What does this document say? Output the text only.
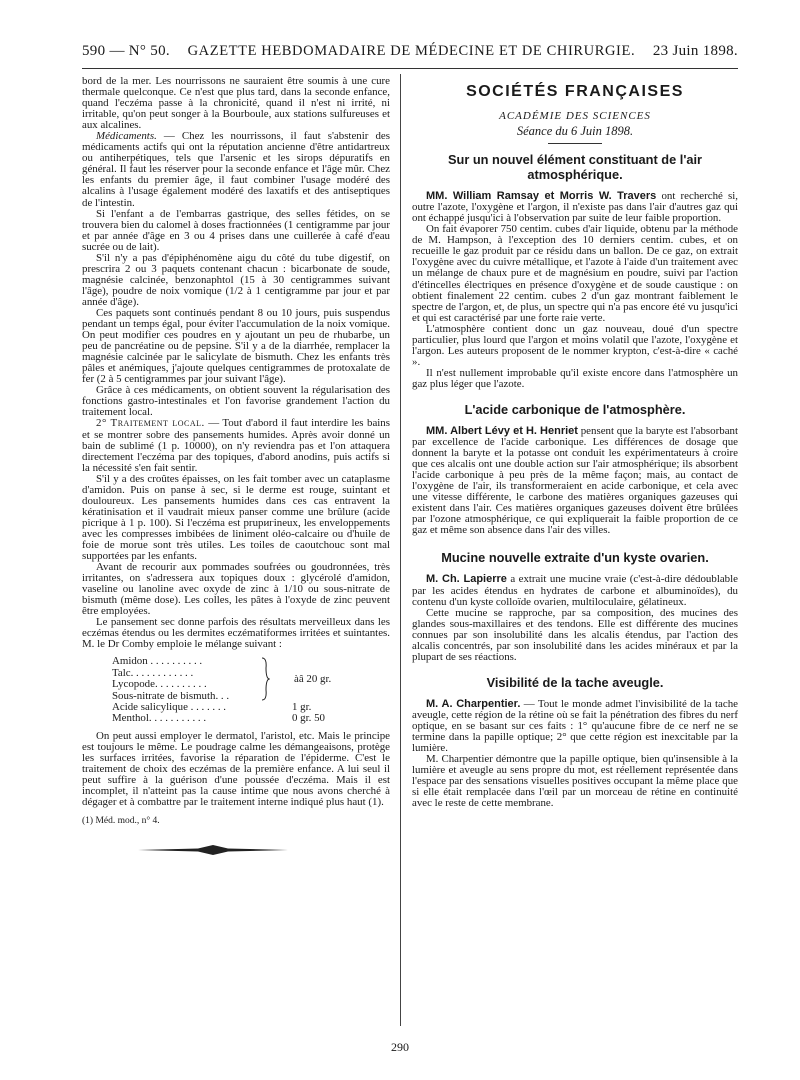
590 — N° 50. GAZETTE HEBDOMADAIRE DE MÉDECINE ET DE CHIRURGIE. 23 Juin 1898.

bord de la mer. Les nourrissons ne sauraient être soumis à une cure thermale quelconque. Ce n'est que plus tard, dans la seconde enfance, quand l'eczéma passe à la chronicité, quand il n'est ni irrité, ni irritable, qu'on peut songer à la Bourboule, aux stations sulfureuses et aux alcalines.

Médicaments. — Chez les nourrissons, il faut s'abstenir des médicaments actifs qui ont la réputation ancienne d'être antidartreux ou antiherpétiques, tels que l'arsenic et les sirops dépuratifs en général. Il faut les réserver pour la seconde enfance et l'âge mûr. Chez les enfants du premier âge, il faut combiner l'usage modéré des alcalins à l'usage également modéré des laxatifs et des antiseptiques de l'intestin.

Si l'enfant a de l'embarras gastrique, des selles fétides, on se trouvera bien du calomel à doses fractionnées (1 centigramme par jour et par année d'âge en 3 ou 4 prises dans une cuillerée à café d'eau sucrée ou de lait).

S'il n'y a pas d'épiphénomène aigu du côté du tube digestif, on prescrira 2 ou 3 paquets contenant chacun : bicarbonate de soude, magnésie calcinée, benzonaphtol (15 à 30 centigrammes suivant l'âge), poudre de noix vomique (1/2 à 1 centigramme par jour et par année d'âge).

Ces paquets sont continués pendant 8 ou 10 jours, puis suspendus pendant un temps égal, pour éviter l'accumulation de la noix vomique. On peut modifier ces poudres en y ajoutant un peu de rhubarbe, un peu de pancréatine ou de pepsine. S'il y a de la diarrhée, remplacer la magnésie calcinée par le salicylate de bismuth. Chez les enfants très pâles et anémiques, j'ajoute quelques centigrammes de protoxalate de fer (2 à 5 centigrammes par jour suivant l'âge).

Grâce à ces médicaments, on obtient souvent la régularisation des fonctions gastro-intestinales et l'on favorise grandement l'action du traitement local.

2° Traitement local. — Tout d'abord il faut interdire les bains et se montrer sobre des pansements humides. Après avoir donné un bain de sublimé (1 p. 10000), on n'y reviendra pas et l'on attaquera directement l'eczéma par des topiques, d'abord anodins, puis actifs si la nécessité s'en fait sentir.

S'il y a des croûtes épaisses, on les fait tomber avec un cataplasme d'amidon. Puis on panse à sec, si le derme est rouge, suintant et douloureux. Les pansements humides dans ces cas entravent la kératinisation et il vaudrait mieux panser comme une brûlure (acide picrique à 1 p. 100). Si l'eczéma est pruригineux, les enveloppements avec les compresses imbibées de liniment oléo-calcaire ou d'huile de foie de morue sont très utiles. Les toiles de caoutchouc sont mal supportées par les enfants.

Avant de recourir aux pommades soufrées ou goudronnées, très irritantes, on s'adressera aux topiques doux : glycérolé d'amidon, vaseline ou lanoline avec oxyde de zinc à 1/10 ou sous-nitrate de bismuth (même dose). Les colles, les pâtes à l'oxyde de zinc peuvent être employées.

Le pansement sec donne parfois des résultats merveilleux dans les eczémas étendus ou les dermites eczématiformes irritées et suintantes. M. le Dr Comby emploie le mélange suivant :

Amidon . . . . . . . . . .
Talc. . . . . . . . . . . .
Lycopode. . . . . . . . . .
Sous-nitrate de bismuth. . .
àâ 20 gr.
Acide salicylique . . . . . . .	1 gr.
Menthol. . . . . . . . . . .	0 gr. 50

On peut aussi employer le dermatol, l'aristol, etc. Mais le principe est toujours le même. Le poudrage calme les démangeaisons, protège les surfaces irritées, favorise la réparation de l'épiderme. C'est le traitement de choix des eczémas de la première enfance. A lui seul il peut suffire à la guérison d'une poussée d'eczéma. Mais il est incomplet, il n'atteint pas la cause intime que nous avons cherché à dégager et à combattre par le traitement interne indiqué plus haut (1).

(1) Méd. mod., n° 4.

SOCIÉTÉS FRANÇAISES
ACADÉMIE DES SCIENCES
Séance du 6 Juin 1898.
Sur un nouvel élément constituant de l'air atmosphérique.

MM. William Ramsay et Morris W. Travers ont recherché si, outre l'azote, l'oxygène et l'argon, il n'existe pas dans l'air d'autres gaz qui ont échappé jusqu'ici à l'observation par suite de leur faible proportion.

On fait évaporer 750 centim. cubes d'air liquide, obtenu par la méthode de M. Hampson, à l'exception des 10 derniers centim. cubes, et on recueille le gaz produit par ce résidu dans un ballon. De ce gaz, on extrait l'oxygène avec du cuivre métallique, et l'azote à l'aide d'un traitement avec un mélange de chaux pure et de magnésium en poudre, suivi par l'action d'étincelles électriques en présence d'oxygène et de soude caustique : on obtient finalement 22 centim. cubes 2 d'un gaz montrant faiblement le spectre de l'argon, et, de plus, un spectre qui n'a pas encore été vu jusqu'ici et qui est caractérisé par une forte raie verte.

L'atmosphère contient donc un gaz nouveau, doué d'un spectre particulier, plus lourd que l'argon et moins volatil que l'azote, l'oxygène et l'argon. Les auteurs proposent de le nommer krypton, c'est-à-dire « caché ».

Il n'est nullement improbable qu'il existe encore dans l'atmosphère un gaz plus léger que l'azote.

L'acide carbonique de l'atmosphère.

MM. Albert Lévy et H. Henriet pensent que la baryte est l'absorbant par excellence de l'acide carbonique. Les différences de dosage que donnent la baryte et la potasse ont conduit les expérimentateurs à croire que ces alcalis ont une double action sur l'air atmosphérique; ils absorbent l'acide carbonique à peu près de la même façon; mais, au contact de l'oxygène de l'air, ils transformeraient en acide carbonique, et cela avec une vitesse différente, le carbone des matières organiques gazeuses qui existent dans l'air. Ces matières organiques gazeuses doivent être brûlées par l'ozone atmosphérique, ce qui expliquerait la faible proportion de ce gaz et même son absence dans l'air des villes.

Mucine nouvelle extraite d'un kyste ovarien.

M. Ch. Lapierre a extrait une mucine vraie (c'est-à-dire dédoublable par les acides étendus en hydrates de carbone et albuminoïdes), du contenu d'un kyste colloïde ovarien, multiloculaire, gélatineux.

Cette mucine se rapproche, par sa composition, des mucines des glandes sous-maxillaires et des tendons. Elle est différente des mucines connues par son insolubilité dans les alcalis étendus, par l'action des alcalis concentrés, par son insolubilité dans les acides minéraux et par la plupart de ses réactions.

Visibilité de la tache aveugle.

M. A. Charpentier. — Tout le monde admet l'invisibilité de la tache aveugle, cette région de la rétine où se fait la pénétration des fibres du nerf optique, en se basant sur ces faits : 1° qu'aucune fibre de ce nerf ne se termine dans la papille optique; 2° que cette région est inexcitable par la lumière.

M. Charpentier démontre que la papille optique, bien qu'insensible à la lumière et aveugle au sens propre du mot, est réellement représentée dans l'espace par des sensations visuelles positives occupant la même place que si elle était remplacée dans l'œil par un morceau de rétine en continuité avec le reste de cette membrane.

290
